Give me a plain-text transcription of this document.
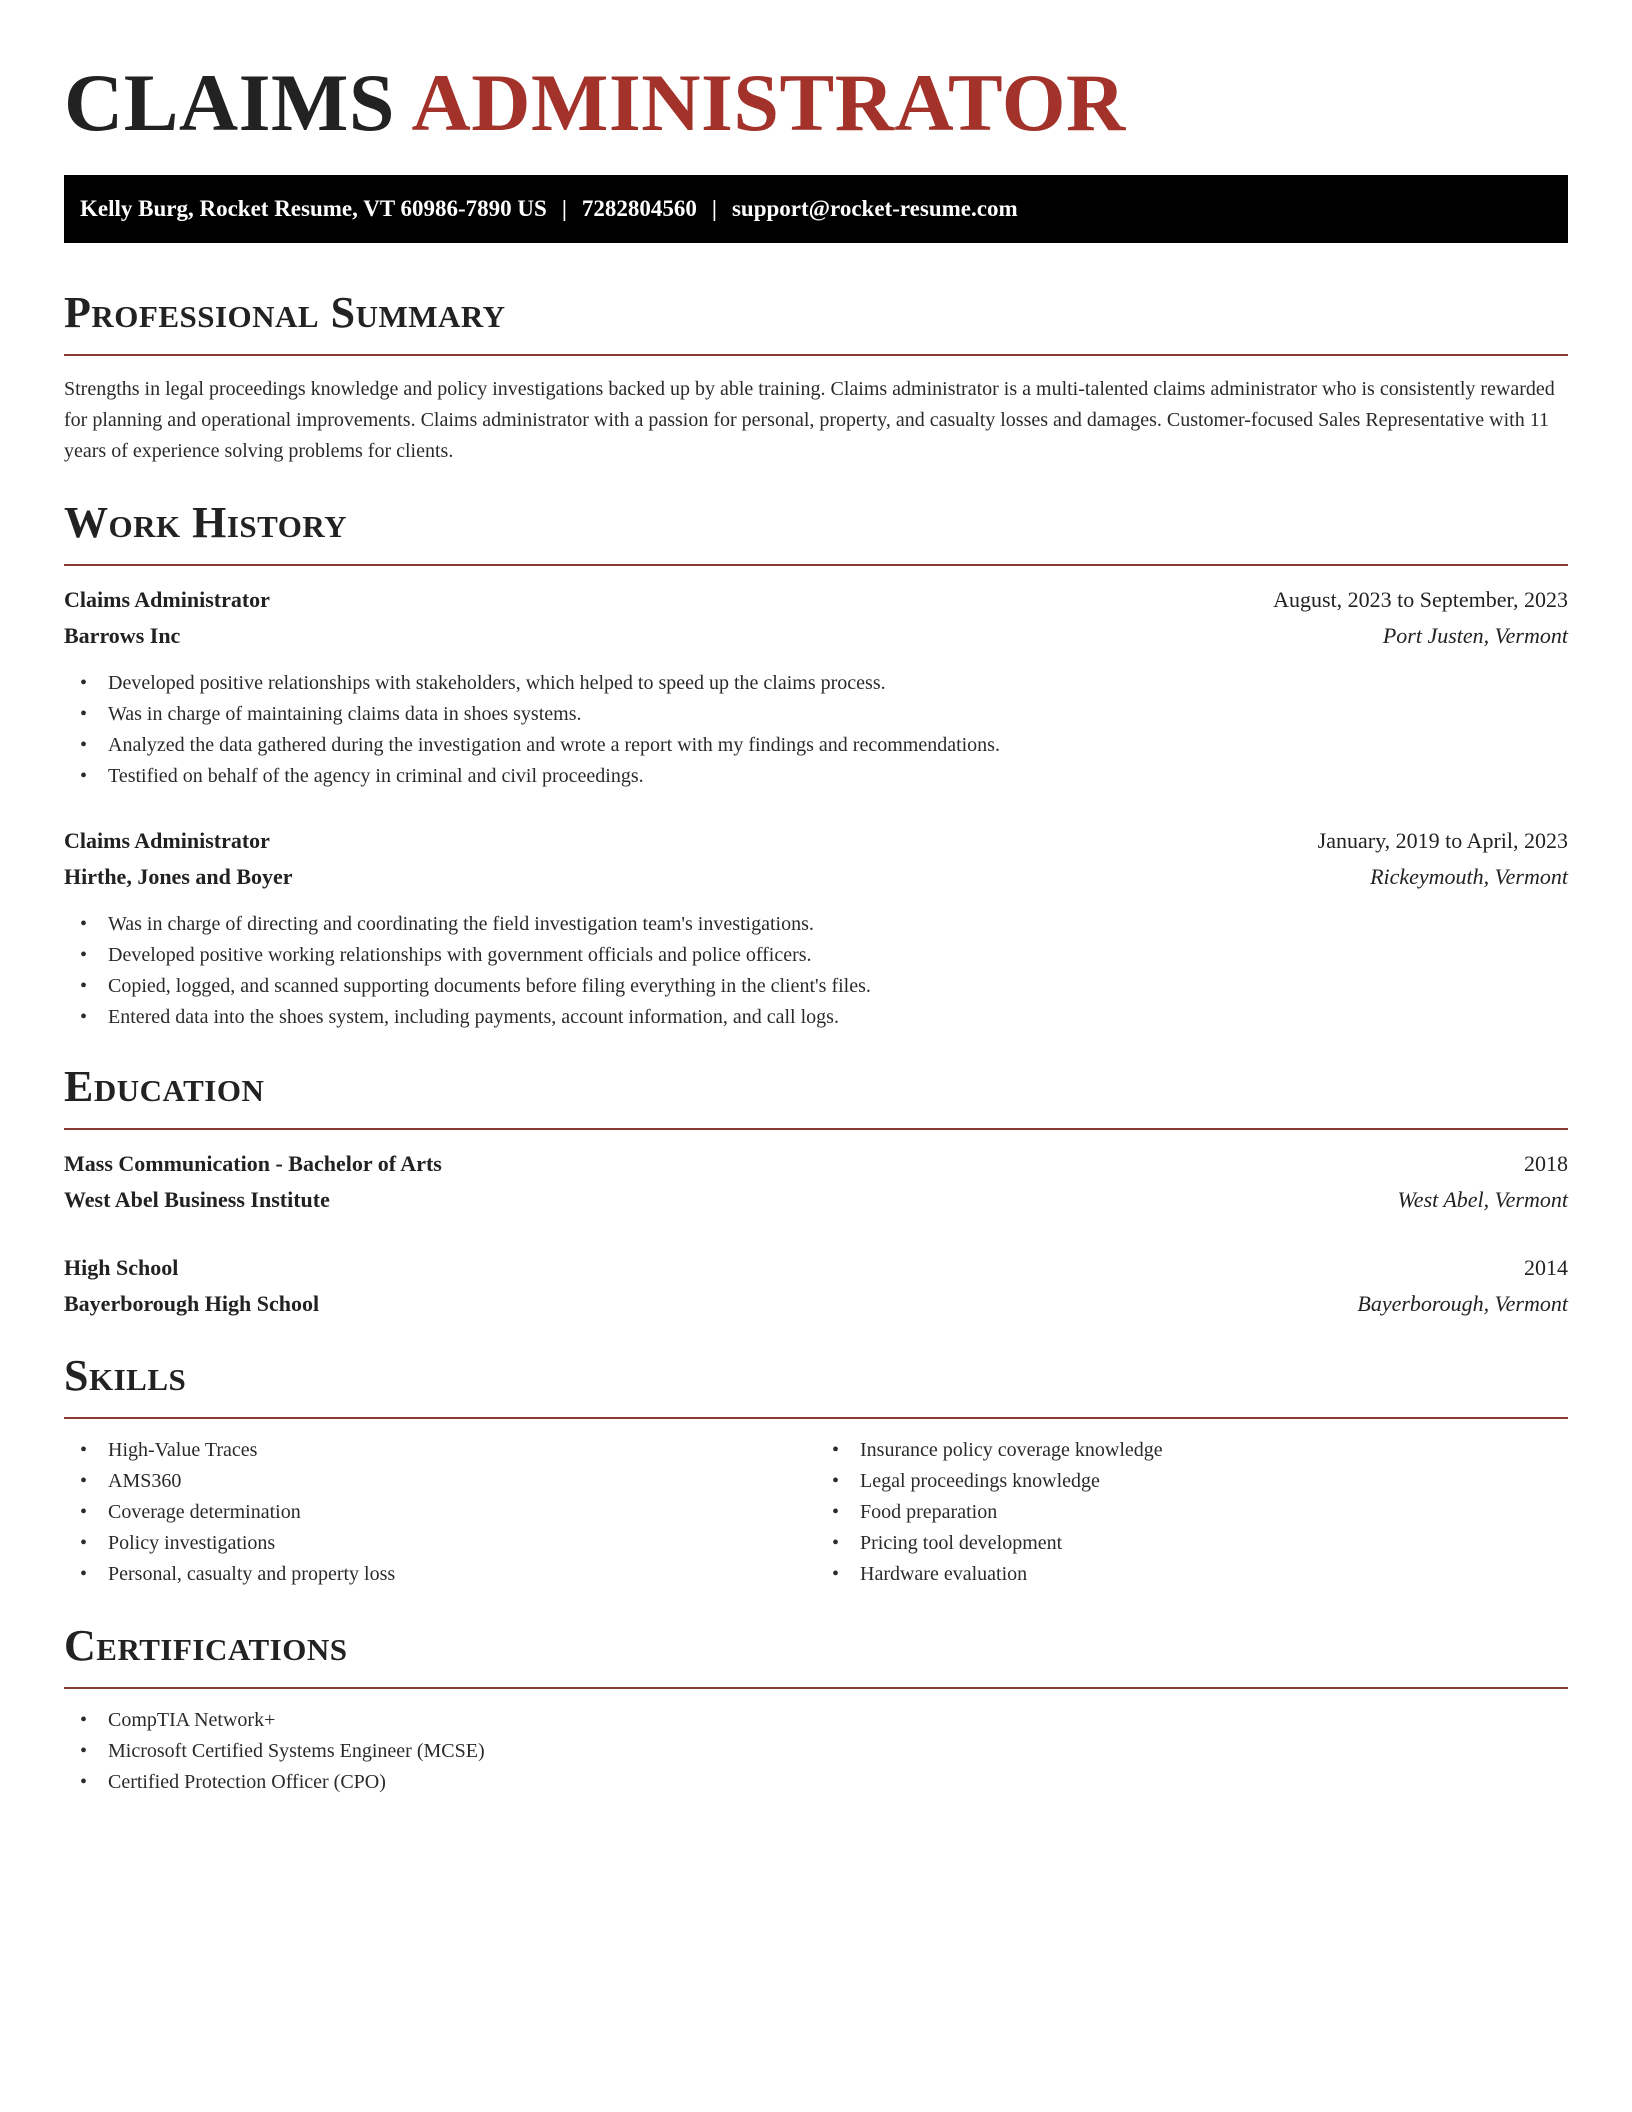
CLAIMS ADMINISTRATOR
Kelly Burg, Rocket Resume, VT 60986-7890 US | 7282804560 | support@rocket-resume.com
Professional Summary

Strengths in legal proceedings knowledge and policy investigations backed up by able training. Claims administrator is a multi-talented claims administrator who is consistently rewarded for planning and operational improvements. Claims administrator with a passion for personal, property, and casualty losses and damages. Customer-focused Sales Representative with 11 years of experience solving problems for clients.

Work History
Claims Administrator	August, 2023 to September, 2023
Barrows Inc	Port Justen, Vermont
• Developed positive relationships with stakeholders, which helped to speed up the claims process.
• Was in charge of maintaining claims data in shoes systems.
• Analyzed the data gathered during the investigation and wrote a report with my findings and recommendations.
• Testified on behalf of the agency in criminal and civil proceedings.
Claims Administrator	January, 2019 to April, 2023
Hirthe, Jones and Boyer	Rickeymouth, Vermont
• Was in charge of directing and coordinating the field investigation team's investigations.
• Developed positive working relationships with government officials and police officers.
• Copied, logged, and scanned supporting documents before filing everything in the client's files.
• Entered data into the shoes system, including payments, account information, and call logs.
Education
Mass Communication - Bachelor of Arts	2018
West Abel Business Institute	West Abel, Vermont
High School	2014
Bayerborough High School	Bayerborough, Vermont
Skills
• High-Value Traces
• AMS360
• Coverage determination
• Policy investigations
• Personal, casualty and property loss
• Insurance policy coverage knowledge
• Legal proceedings knowledge
• Food preparation
• Pricing tool development
• Hardware evaluation
Certifications
• CompTIA Network+
• Microsoft Certified Systems Engineer (MCSE)
• Certified Protection Officer (CPO)
